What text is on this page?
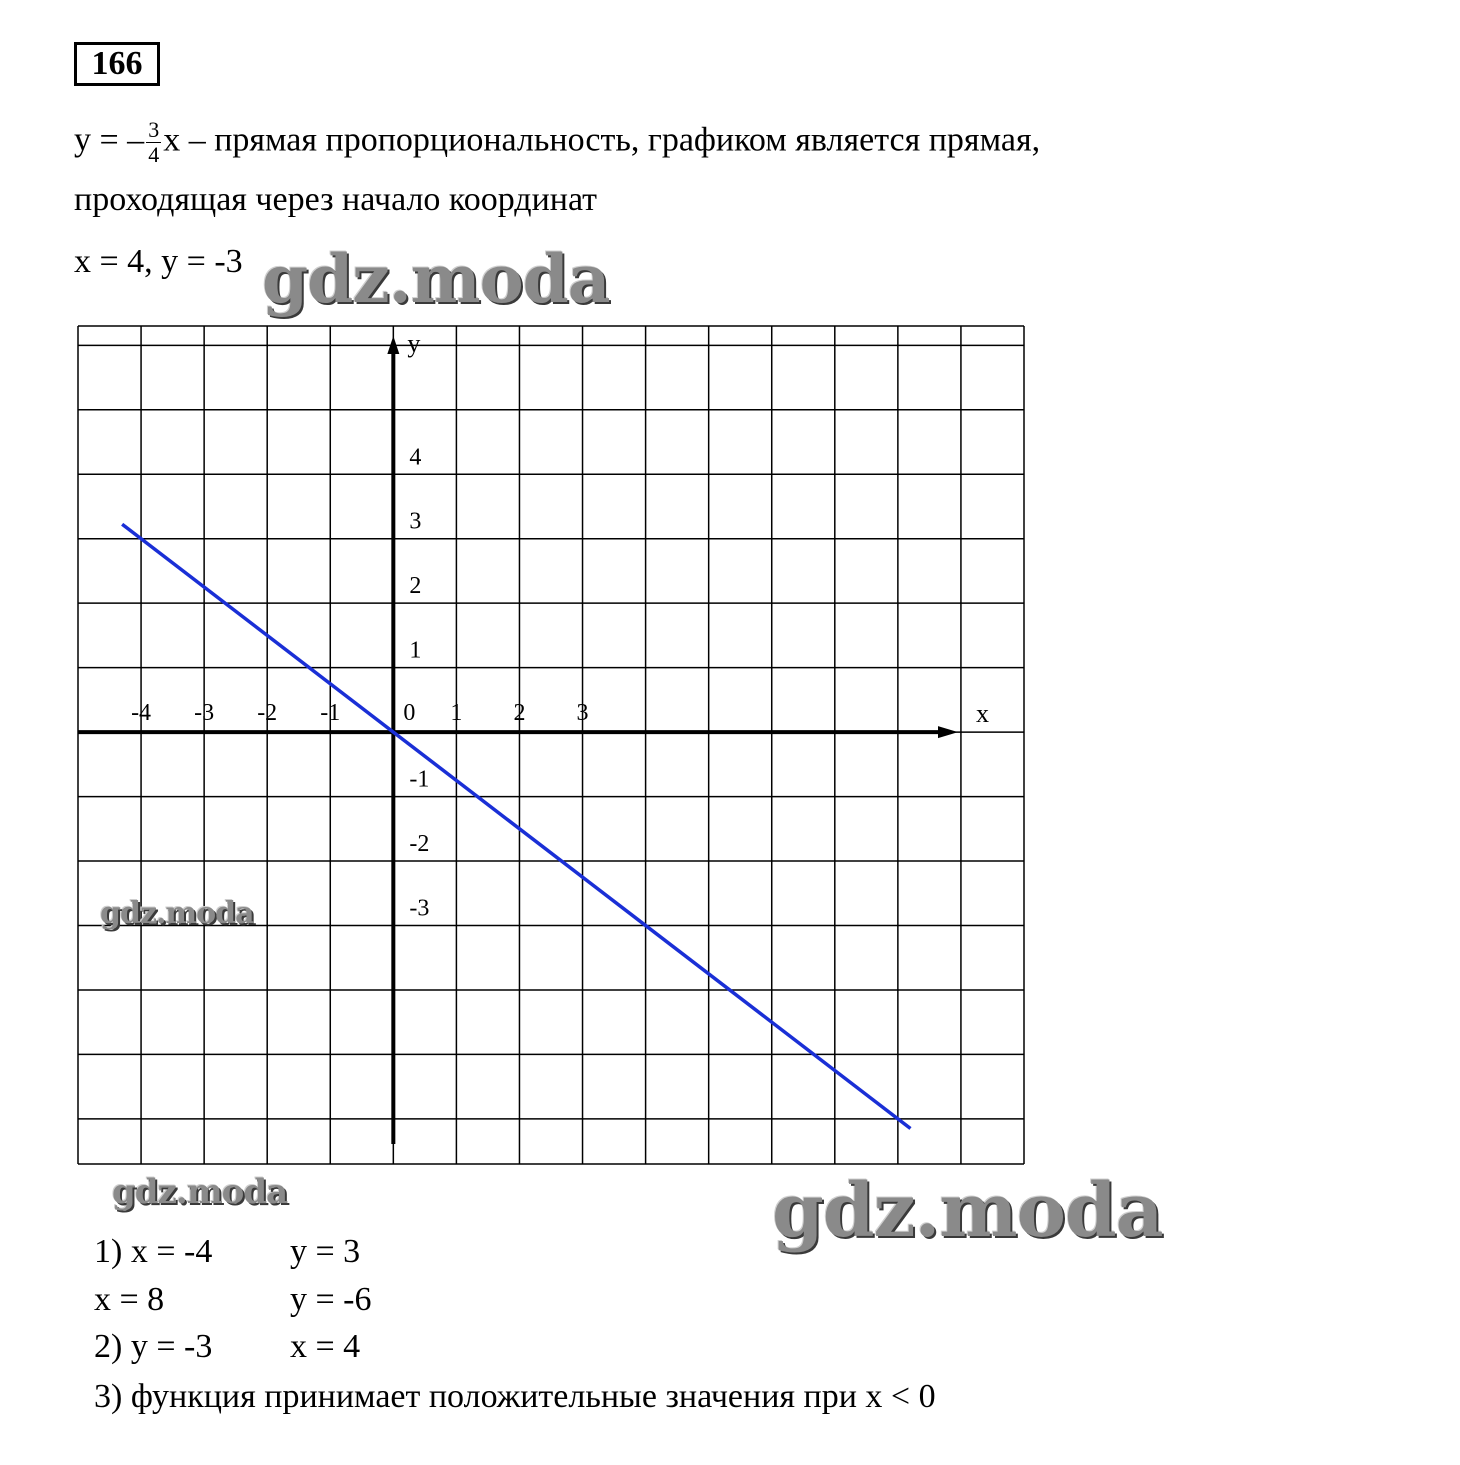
166
y = – $\frac{3}{4}$ x – прямая пропорциональность, графиком является прямая,
проходящая через начало координат
x = 4, y = -3
x
y
-4 -3 -2 -1	0 1 2 3
4
3
2
1
-1
-2
-3
gdz.moda
gdz.moda
gdz.moda	gdz.moda
1) x = -4 y = 3
x = 8	y = -6
2) y = -3 x = 4
3) функция принимает положительные значения при x < 0
